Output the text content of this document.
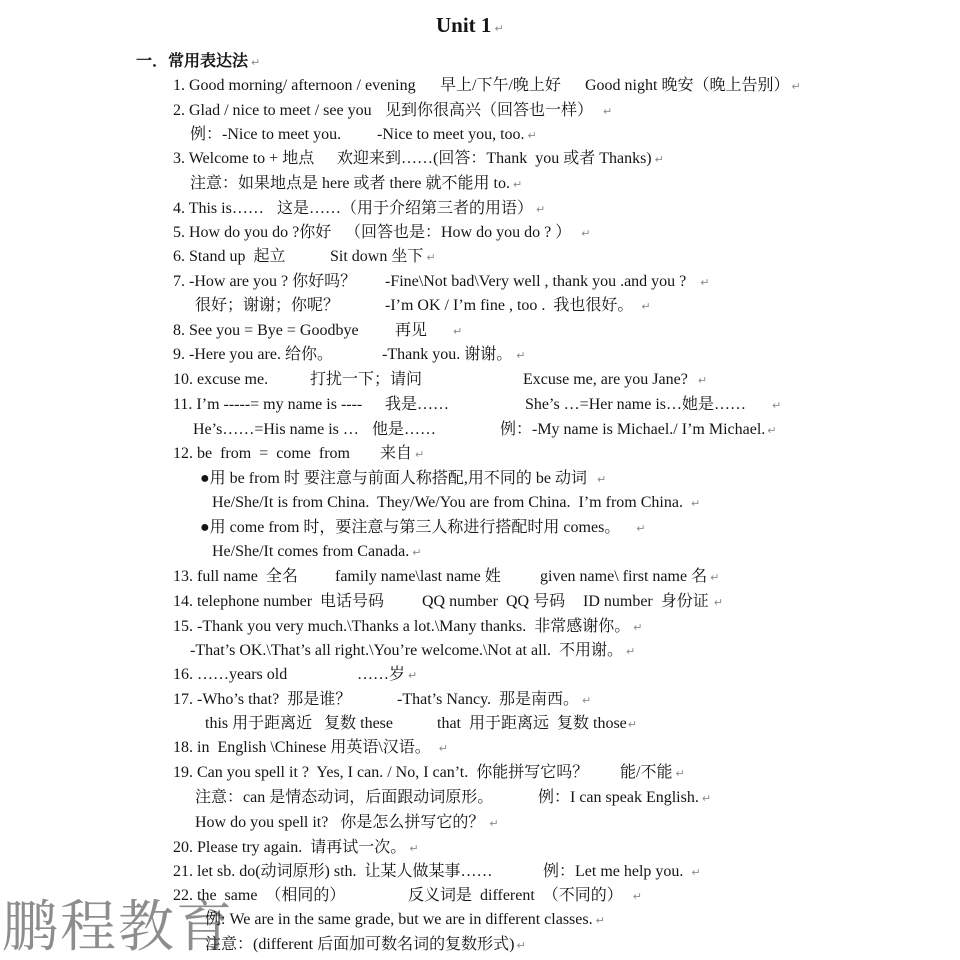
鹏程教育
Unit 1 ↵
一．常用表达法 ↵
1. Good morning/ afternoon / evening 早上/下午/晚上好 Good night 晚安（晚上告别） ↵
2. Glad / nice to meet / see you 见到你很高兴（回答也一样） ↵
例：-Nice to meet you. -Nice to meet you, too. ↵
3. Welcome to + 地点 欢迎来到……(回答：Thank  you 或者 Thanks) ↵
注意：如果地点是 here 或者 there 就不能用 to. ↵
4. This is…… 这是……（用于介绍第三者的用语） ↵
5. How do you do ?你好 （回答也是：How do you do ? ） ↵
6. Stand up  起立	Sit down 坐下 ↵
7. -How are you ? 你好吗？ -Fine\Not bad\Very well , thank you .and you ? ↵
很好；谢谢；你呢？	-I’m OK / I’m fine , too .  我也很好。 ↵
8. See you = Bye = Goodbye 再见 ↵
9. -Here you are. 给你。	-Thank you. 谢谢。 ↵
10. excuse me.	打扰一下；请问	Excuse me, are you Jane? ↵
11. I’m -----= my name is ---- 我是……	She’s …=Her name is…她是…… ↵
He’s……=His name is … 他是……	例：-My name is Michael./ I’m Michael. ↵
12. be  from  =  come  from 来自 ↵
●用 be from 时 要注意与前面人称搭配,用不同的 be 动词 ↵
He/She/It is from China.  They/We/You are from China.  I’m from China. ↵
●用 come from 时，要注意与第三人称进行搭配时用 comes。 ↵
He/She/It comes from Canada. ↵
13. full name  全名 family name\last name 姓 given name\ first name 名 ↵
14. telephone number 电话号码 QQ number  QQ 号码 ID number  身份证 ↵
15. -Thank you very much.\Thanks a lot.\Many thanks.  非常感谢你。 ↵
-That’s OK.\That’s all right.\You’re welcome.\Not at all.  不用谢。 ↵
16. ……years old	……岁 ↵
17. -Who’s that?  那是谁？	-That’s Nancy.  那是南西。 ↵
this 用于距离近   复数 these	that  用于距离远  复数 those↵
18. in  English \Chinese 用英语\汉语。 ↵
19. Can you spell it ?  Yes, I can. / No, I can’t.  你能拼写它吗？ 能/不能 ↵
注意：can 是情态动词，后面跟动词原形。	例：I can speak English. ↵
How do you spell it?   你是怎么拼写它的？ ↵
20. Please try again.  请再试一次。 ↵
21. let sb. do(动词原形) sth.  让某人做某事……	例：Let me help you. ↵
22. the  same  （相同的）	反义词是  different  （不同的） ↵
例: We are in the same grade, but we are in different classes. ↵
注意：(different 后面加可数名词的复数形式) ↵
